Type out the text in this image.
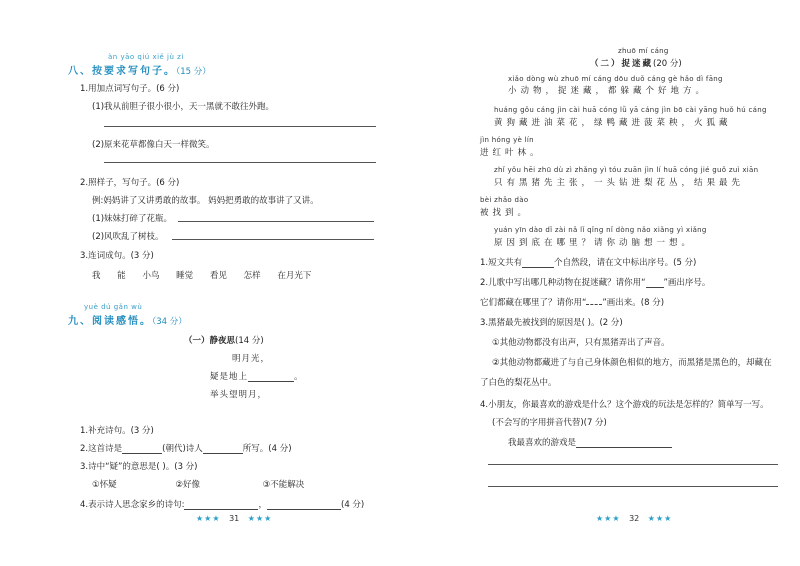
àn yāo qiú xiě jù zi
八、按要求写句子。（15 分）
1.用加点词写句子。(6 分)
(1)我从前胆子很小很小，天一黑就不敢往外跑。
(2)原来花草都像白天一样微笑。
2.照样子，写句子。(6 分)
例:妈妈讲了又讲勇敢的故事。 妈妈把勇敢的故事讲了又讲。
(1)妹妹打碎了花瓶。
(2)风吹乱了树枝。
3.连词成句。(3 分)
我 能 小鸟 睡觉 看见 怎样 在月光下
yuè dú gǎn wù
九、阅读感悟。（34 分）
（一）静夜思(14 分)
明月光，
疑是地上	。
举头望明月，
1.补充诗句。(3 分)
2.这首诗是	(朝代)诗人	所写。(4 分)
3.诗中“疑”的意思是( )。(3 分)
①怀疑	②好像	③不能解决
4.表示诗人思念家乡的诗句:	，	(4 分)
★★★ 31 ★★★
zhuō mí cáng
（二）捉迷藏(20 分)
xiǎo dòng wù zhuō mí cáng dōu duǒ cáng gè hǎo dì fāng
小动物，捉迷藏，都躲藏个好地方。
huáng gǒu cáng jìn cài huā cóng lǜ yā cáng jìn bō cài yāng huǒ hú cáng
黄狗藏进油菜花，绿鸭藏进菠菜秧，火狐藏
jìn hóng yè lín
进红叶林。
zhǐ yǒu hēi zhū dù zì zhǎng yì tóu zuān jìn lí huā cóng jié guǒ zuì xiān
只有黑猪先主张，一头钻进梨花丛，结果最先
bèi zhǎo dào
被找到。
yuán yīn dào dǐ zài nǎ lǐ qǐng nǐ dòng nǎo xiǎng yì xiǎng
原因到底在哪里？请你动脑想一想。
1.短文共有	个自然段，请在文中标出序号。(5 分)
2.儿歌中写出哪几种动物在捉迷藏？请你用“ ”画出序号。
它们都藏在哪里了？请你用“ ”画出来。(8 分)
3.黑猪最先被找到的原因是( )。(2 分)
①其他动物都没有出声，只有黑猪弄出了声音。
②其他动物都藏进了与自己身体颜色相似的地方，而黑猪是黑色的，却藏在
了白色的梨花丛中。
4.小朋友，你最喜欢的游戏是什么？这个游戏的玩法是怎样的？简单写一写。
(不会写的字用拼音代替)(7 分)
我最喜欢的游戏是
★★★ 32 ★★★
